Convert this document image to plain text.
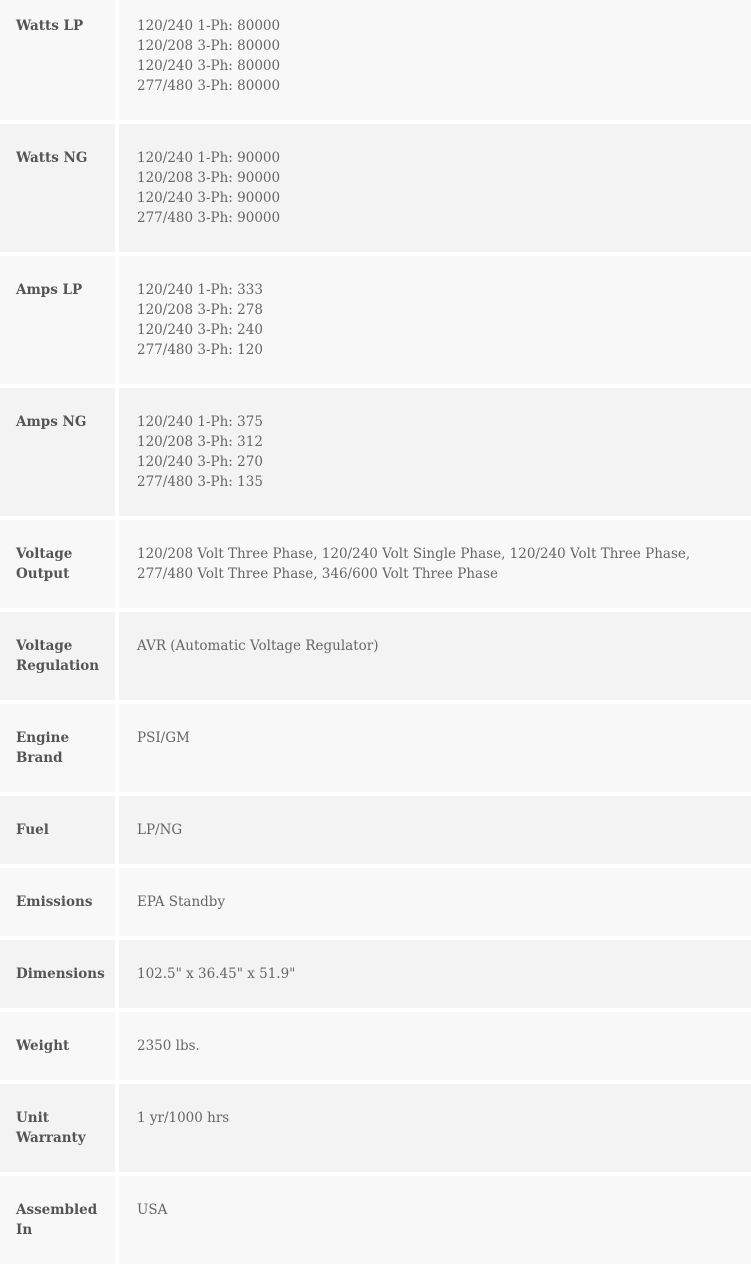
Watts LP	120/240 1-Ph: 80000
120/208 3-Ph: 80000
120/240 3-Ph: 80000
277/480 3-Ph: 80000

Watts NG	120/240 1-Ph: 90000
120/208 3-Ph: 90000
120/240 3-Ph: 90000
277/480 3-Ph: 90000

Amps LP	120/240 1-Ph: 333
120/208 3-Ph: 278
120/240 3-Ph: 240
277/480 3-Ph: 120

Amps NG	120/240 1-Ph: 375
120/208 3-Ph: 312
120/240 3-Ph: 270
277/480 3-Ph: 135

Voltage Output	120/208 Volt Three Phase, 120/240 Volt Single Phase, 120/240 Volt Three Phase, 277/480 Volt Three Phase, 346/600 Volt Three Phase

Voltage Regulation	AVR (Automatic Voltage Regulator)

Engine Brand	PSI/GM

Fuel	LP/NG

Emissions	EPA Standby

Dimensions	102.5" x 36.45" x 51.9"

Weight	2350 lbs.

Unit Warranty	1 yr/1000 hrs

Assembled In	USA
